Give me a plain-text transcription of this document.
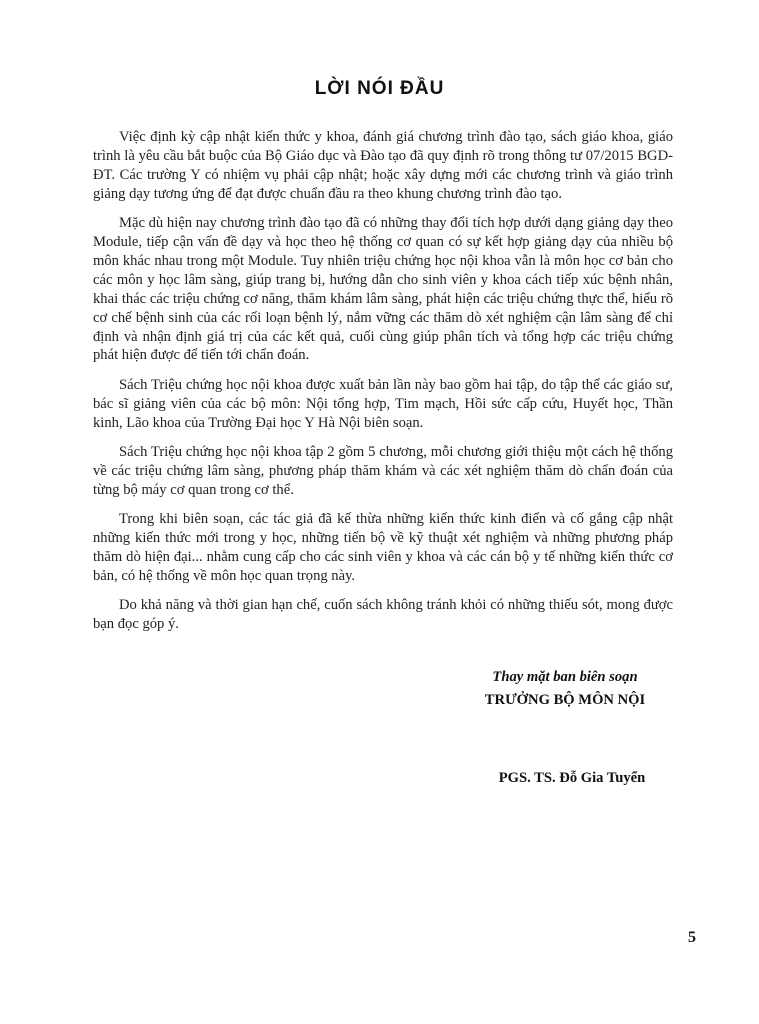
LỜI NÓI ĐẦU

Việc định kỳ cập nhật kiến thức y khoa, đánh giá chương trình đào tạo, sách giáo khoa, giáo trình là yêu cầu bắt buộc của Bộ Giáo dục và Đào tạo đã quy định rõ trong thông tư 07/2015 BGD-ĐT. Các trường Y có nhiệm vụ phải cập nhật; hoặc xây dựng mới các chương trình và giáo trình giảng dạy tương ứng để đạt được chuẩn đầu ra theo khung chương trình đào tạo.

Mặc dù hiện nay chương trình đào tạo đã có những thay đổi tích hợp dưới dạng giảng dạy theo Module, tiếp cận vấn đề dạy và học theo hệ thống cơ quan có sự kết hợp giảng dạy của nhiều bộ môn khác nhau trong một Module. Tuy nhiên triệu chứng học nội khoa vẫn là môn học cơ bản cho các môn y học lâm sàng, giúp trang bị, hướng dẫn cho sinh viên y khoa cách tiếp xúc bệnh nhân, khai thác các triệu chứng cơ năng, thăm khám lâm sàng, phát hiện các triệu chứng thực thể, hiểu rõ cơ chế bệnh sinh của các rối loạn bệnh lý, nắm vững các thăm dò xét nghiệm cận lâm sàng để chỉ định và nhận định giá trị của các kết quả, cuối cùng giúp phân tích và tổng hợp các triệu chứng phát hiện được để tiến tới chẩn đoán.

Sách Triệu chứng học nội khoa được xuất bản lần này bao gồm hai tập, do tập thể các giáo sư, bác sĩ giảng viên của các bộ môn: Nội tổng hợp, Tim mạch, Hồi sức cấp cứu, Huyết học, Thần kinh, Lão khoa của Trường Đại học Y Hà Nội biên soạn.

Sách Triệu chứng học nội khoa tập 2 gồm 5 chương, mỗi chương giới thiệu một cách hệ thống về các triệu chứng lâm sàng, phương pháp thăm khám và các xét nghiệm thăm dò chẩn đoán của từng bộ máy cơ quan trong cơ thể.

Trong khi biên soạn, các tác giả đã kế thừa những kiến thức kinh điển và cố gắng cập nhật những kiến thức mới trong y học, những tiến bộ về kỹ thuật xét nghiệm và những phương pháp thăm dò hiện đại... nhằm cung cấp cho các sinh viên y khoa và các cán bộ y tế những kiến thức cơ bản, có hệ thống về môn học quan trọng này.

Do khả năng và thời gian hạn chế, cuốn sách không tránh khỏi có những thiếu sót, mong được bạn đọc góp ý.

Thay mặt ban biên soạn
TRƯỞNG BỘ MÔN NỘI
PGS. TS. Đỗ Gia Tuyển
5
